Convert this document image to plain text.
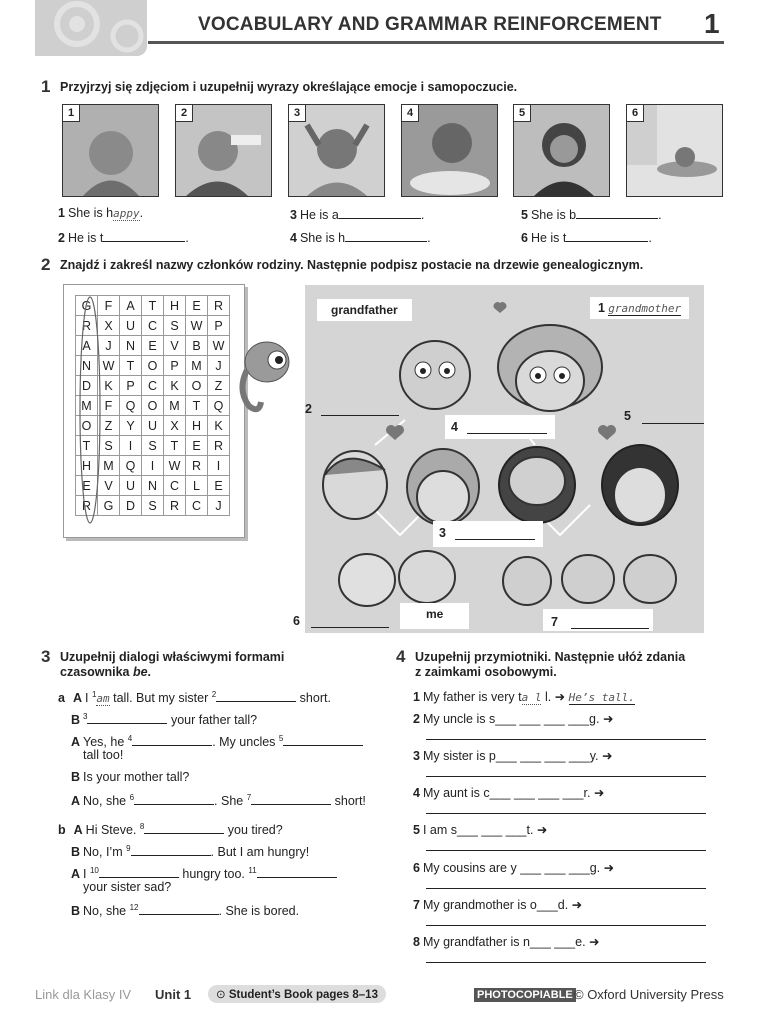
VOCABULARY AND GRAMMAR REINFORCEMENT 1
1 Przyjrzyj się zdjęciom i uzupełnij wyrazy określające emocje i samopoczucie.
1	2	3	4	5	6
1 She is happy.
2 He is t	.
3 He is a	.
4 She is h	.
5 She is b	.
6 He is t	.
2 Znajdź i zakreśl nazwy członków rodziny. Następnie podpisz postacie na drzewie genealogicznym.
G	F	A	T	H	E	R
R	X	U	C	S	W	P
A	J	N	E	V	B	W
N	W	T	O	P	M	J
D	K	P	C	K	O	Z
M	F	Q	O	M	T	Q
O	Z	Y	U	X	H	K
T	S	I	S	T	E	R
H	M	Q	I	W	R	I
E	V	U	N	C	L	E
R	G	D	S	R	C	J
grandfather	1 grandmother
2
4
5
3
6	me
7
3 Uzupełnij dialogi właściwymi formami
czasownika be.
a A I $^1$am tall. But my sister $^2$	short.
B $^3$	your father tall?
A Yes, he $^4$	. My uncles $^5$
tall too!
B Is your mother tall?
A No, she $^6$	. She $^7$	short!
b A Hi Steve. $^8$	you tired?
B No, I’m $^9$	. But I am hungry!
A I $^{10}$	hungry too. $^{11}$
your sister sad?
B No, she $^{12}$	. She is bored.
4 Uzupełnij przymiotniki. Następnie ułóż zdania
z zaimkami osobowymi.
1 My father is very ta l l. ➜ He’s tall.
2 My uncle is s___ ___ ___ ___g. ➜
3 My sister is p___ ___ ___ ___y. ➜
4 My aunt is c___ ___ ___ ___r. ➜
5 I am s___ ___ ___t. ➜
6 My cousins are y ___ ___ ___g. ➜
7 My grandmother is o___d. ➜
8 My grandfather is n___ ___e. ➜
Link dla Klasy IV Unit 1	⊙ Student’s Book pages 8–13	PHOTOCOPIABLE © Oxford University Press
